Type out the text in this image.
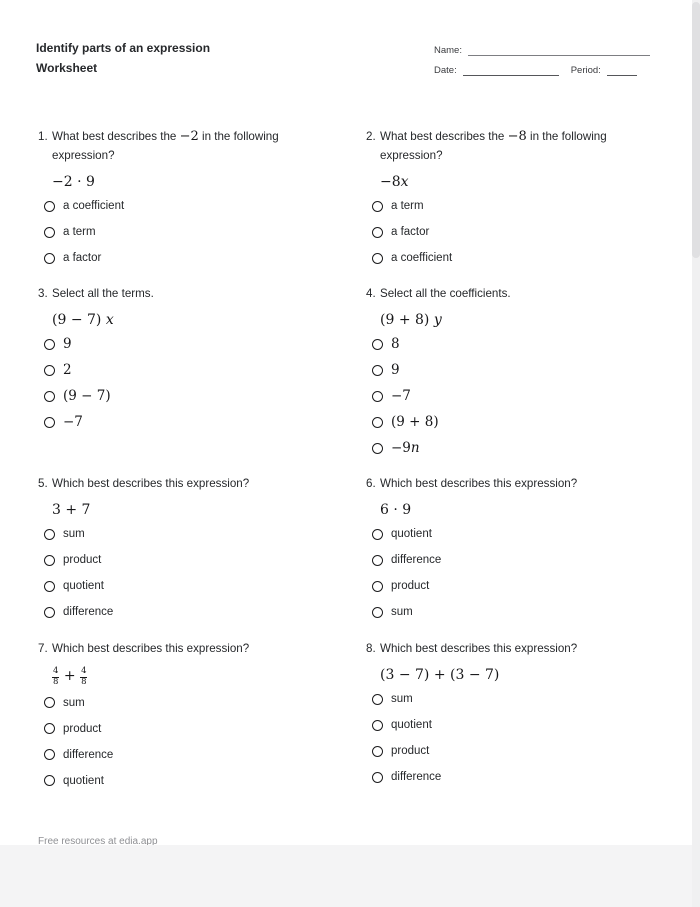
Identify parts of an expression
Worksheet
Name:
Date:	Period:
1. What best describes the −2 in the following expression?
−2 · 9
a coefficient
a term
a factor
2. What best describes the −8 in the following expression?
−8x
a term
a factor
a coefficient
3. Select all the terms.
(9 − 7) x
9
2
(9 − 7)
−7
4. Select all the coefficients.
(9 + 8) y
8
9
−7
(9 + 8)
−9n
5. Which best describes this expression?
3 + 7
sum
product
quotient
difference
6. Which best describes this expression?
6 · 9
quotient
difference
product
sum
7. Which best describes this expression?
$\frac{4}{8} + \frac{4}{8}$
sum
product
difference
quotient
8. Which best describes this expression?
(3 − 7) + (3 − 7)
sum
quotient
product
difference
Free resources at edia.app
